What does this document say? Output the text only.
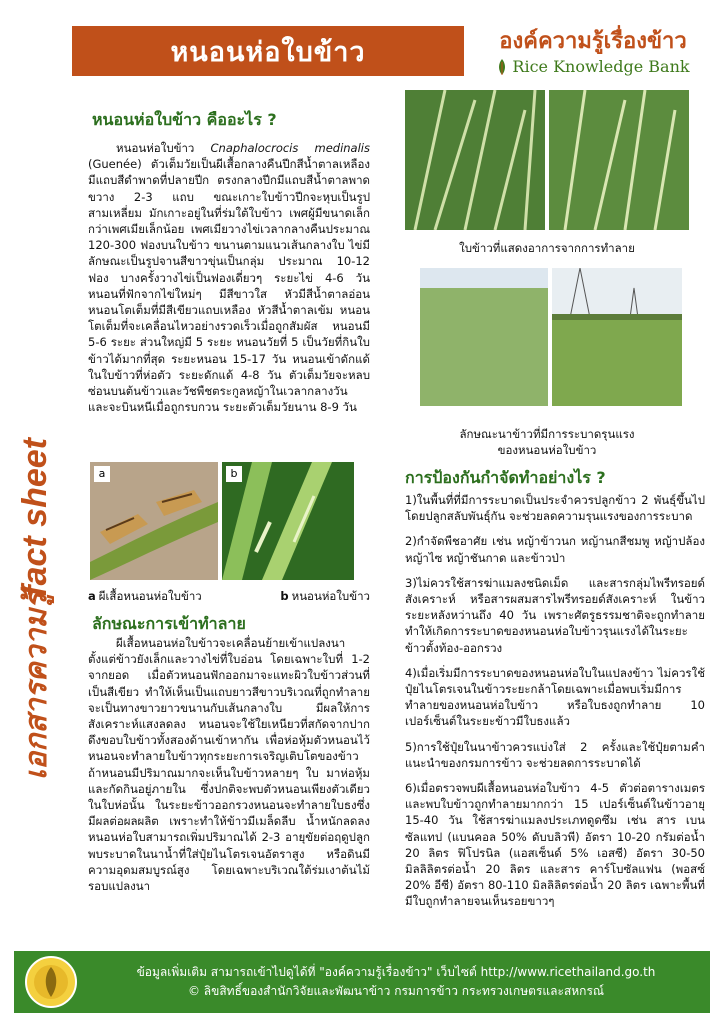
หนอนห่อใบข้าว	องค์ความรู้เรื่องข้าว
Rice Knowledge Bank
fact sheet
เอกสารความรู้
หนอนห่อใบข้าว คืออะไร ?
หนอนห่อใบข้าว Cnaphalocrocis medinalis (Guenée) ตัวเต็มวัยเป็นผีเสื้อกลางคืนปีกสีน้ำตาลเหลืองมีแถบสีดำพาดที่ปลายปีก ตรงกลางปีกมีแถบสีน้ำตาลพาดขวาง 2-3 แถบ ขณะเกาะใบข้าวปีกจะหุบเป็นรูปสามเหลี่ยม มักเกาะอยู่ในที่ร่มใต้ใบข้าว เพศผู้มีขนาดเล็กกว่าเพศเมียเล็กน้อย เพศเมียวางไข่เวลากลางคืนประมาณ 120-300 ฟองบนใบข้าว ขนานตามแนวเส้นกลางใบ ไข่มีลักษณะเป็นรูปจานสีขาวขุ่นเป็นกลุ่ม ประมาณ 10-12 ฟอง บางครั้งวางไข่เป็นฟองเดี่ยวๆ ระยะไข่ 4-6 วัน หนอนที่ฟักจากไข่ใหม่ๆ มีสีขาวใส หัวมีสีน้ำตาลอ่อน หนอนโตเต็มที่มีสีเขียวแถบเหลือง หัวสีน้ำตาลเข้ม หนอนโตเต็มที่จะเคลื่อนไหวอย่างรวดเร็วเมื่อถูกสัมผัส หนอนมี 5-6 ระยะ ส่วนใหญ่มี 5 ระยะ หนอนวัยที่ 5 เป็นวัยที่กินใบข้าวได้มากที่สุด ระยะหนอน 15-17 วัน หนอนเข้าดักแด้ในใบข้าวที่ห่อตัว ระยะดักแด้ 4-8 วัน ตัวเต็มวัยจะหลบซ่อนบนต้นข้าวและวัชพืชตระกูลหญ้าในเวลากลางวัน และจะบินหนีเมื่อถูกรบกวน ระยะตัวเต็มวัยนาน 8-9 วัน
a	b
a ผีเสื้อหนอนห่อใบข้าว	b หนอนห่อใบข้าว
ลักษณะการเข้าทำลาย
ผีเสื้อหนอนห่อใบข้าวจะเคลื่อนย้ายเข้าแปลงนา ตั้งแต่ข้าวยังเล็กและวางไข่ที่ใบอ่อน โดยเฉพาะใบที่ 1-2 จากยอด เมื่อตัวหนอนฟักออกมาจะแทะผิวใบข้าวส่วนที่เป็นสีเขียว ทำให้เห็นเป็นแถบยาวสีขาวบริเวณที่ถูกทำลายจะเป็นทางขาวยาวขนานกับเส้นกลางใบ มีผลให้การสังเคราะห์แสงลดลง หนอนจะใช้ใยเหนียวที่สกัดจากปาก ดึงขอบใบข้าวทั้งสองด้านเข้าหากัน เพื่อห่อหุ้มตัวหนอนไว้หนอนจะทำลายใบข้าวทุกระยะการเจริญเติบโตของข้าว ถ้าหนอนมีปริมาณมากจะเห็นใบข้าวหลายๆ ใบ มาห่อหุ้มและกัดกินอยู่ภายใน ซึ่งปกติจะพบตัวหนอนเพียงตัวเดียวในใบห่อนั้น ในระยะข้าวออกรวงหนอนจะทำลายใบธงซึ่งมีผลต่อผลผลิต เพราะทำให้ข้าวมีเมล็ดลีบ น้ำหนักลดลง หนอนห่อใบสามารถเพิ่มปริมาณได้ 2-3 อายุขัยต่อฤดูปลูก พบระบาดในนาน้ำที่ใส่ปุ๋ยไนโตรเจนอัตราสูง หรือดินมีความอุดมสมบูรณ์สูง โดยเฉพาะบริเวณใต้ร่มเงาต้นไม้ รอบแปลงนา
ใบข้าวที่แสดงอาการจากการทำลาย
ลักษณะนาข้าวที่มีการระบาดรุนแรง
ของหนอนห่อใบข้าว
การป้องกันกำจัดทำอย่างไร ?

1)ในพื้นที่ที่มีการระบาดเป็นประจำควรปลูกข้าว 2 พันธุ์ขึ้นไป โดยปลูกสลับพันธุ์กัน จะช่วยลดความรุนแรงของการระบาด

2)กำจัดพืชอาศัย เช่น หญ้าข้าวนก หญ้านกสีชมพู หญ้าปล้อง หญ้าไซ หญ้าชันกาด และข้าวป่า

3)ไม่ควรใช้สารฆ่าแมลงชนิดเม็ด และสารกลุ่มไพรีทรอยด์สังเคราะห์ หรือสารผสมสารไพรีทรอยด์สังเคราะห์ ในข้าวระยะหลังหว่านถึง 40 วัน เพราะศัตรูธรรมชาติจะถูกทำลาย ทำให้เกิดการระบาดของหนอนห่อใบข้าวรุนแรงได้ในระยะข้าวตั้งท้อง-ออกรวง

4)เมื่อเริ่มมีการระบาดของหนอนห่อใบในแปลงข้าว ไม่ควรใช้ปุ๋ยไนโตรเจนในข้าวระยะกล้าโดยเฉพาะเมื่อพบเริ่มมีการทำลายของหนอนห่อใบข้าว หรือใบธงถูกทำลาย 10 เปอร์เซ็นต์ในระยะข้าวมีใบธงแล้ว

5)การใช้ปุ๋ยในนาข้าวควรแบ่งใส่ 2 ครั้งและใช้ปุ๋ยตามคำแนะนำของกรมการข้าว จะช่วยลดการระบาดได้

6)เมื่อตรวจพบผีเสื้อหนอนห่อใบข้าว 4-5 ตัวต่อตารางเมตร และพบใบข้าวถูกทำลายมากกว่า 15 เปอร์เซ็นต์ในข้าวอายุ 15-40 วัน ใช้สารฆ่าแมลงประเภทดูดซึม เช่น สาร เบนซัลแทป (แบนคอล 50% ดับบลิวพี) อัตรา 10-20 กรัมต่อน้ำ 20 ลิตร ฟิโปรนิล (แอสเซ็นด์ 5% เอสซี) อัตรา 30-50 มิลลิลิตรต่อน้ำ 20 ลิตร และสาร คาร์โบซัลแฟน (พอสซ์ 20% อีซี) อัตรา 80-110 มิลลิลิตรต่อน้ำ 20 ลิตร เฉพาะพื้นที่มีใบถูกทำลายจนเห็นรอยขาวๆ

ข้อมูลเพิ่มเติม สามารถเข้าไปดูได้ที่ "องค์ความรู้เรื่องข้าว" เว็บไซต์ http://www.ricethailand.go.th
© ลิขสิทธิ์ของสำนักวิจัยและพัฒนาข้าว กรมการข้าว กระทรวงเกษตรและสหกรณ์
